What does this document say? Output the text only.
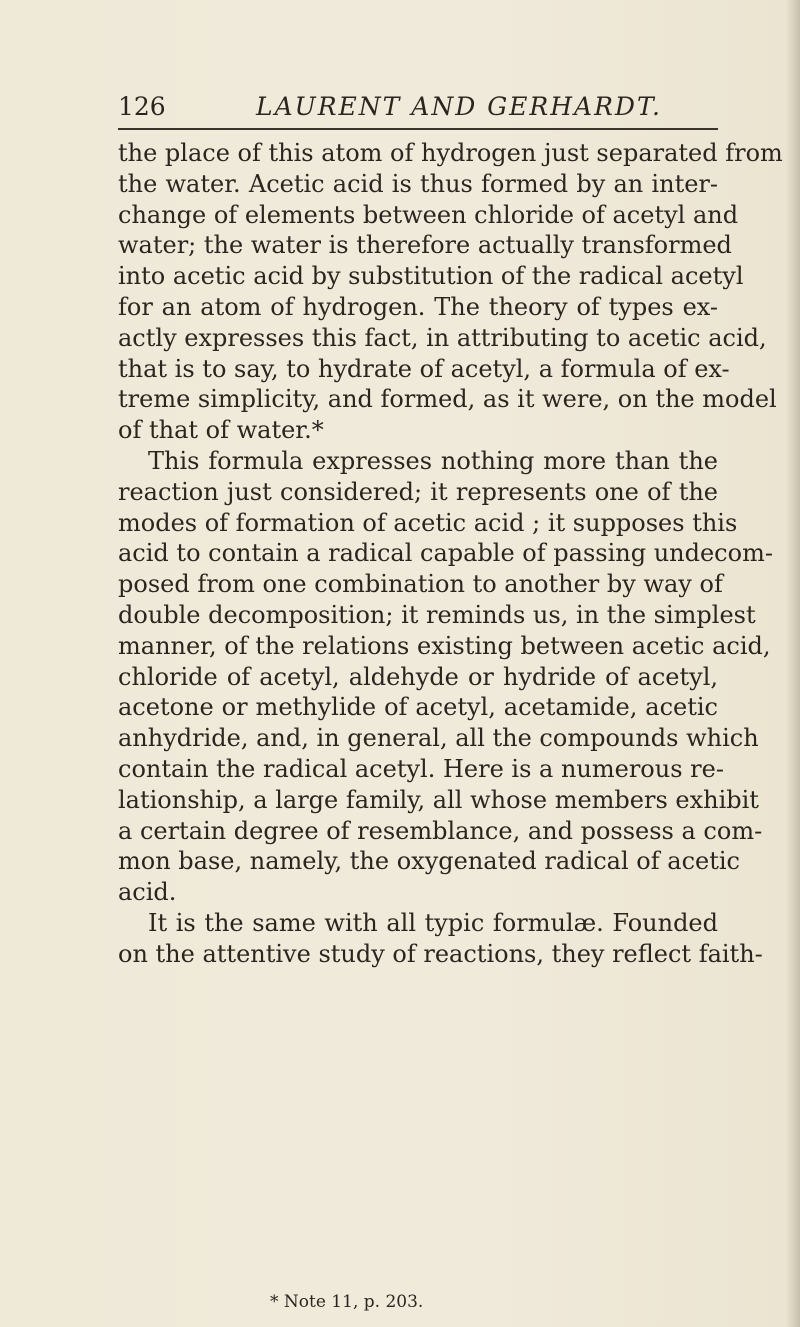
126	LAURENT AND GERHARDT.
the place of this atom of hydrogen just separated from
the water. Acetic acid is thus formed by an inter-
change of elements between chloride of acetyl and
water; the water is therefore actually transformed
into acetic acid by substitution of the radical acetyl
for an atom of hydrogen. The theory of types ex-
actly expresses this fact, in attributing to acetic acid,
that is to say, to hydrate of acetyl, a formula of ex-
treme simplicity, and formed, as it were, on the model
of that of water.*
This formula expresses nothing more than the
reaction just considered; it represents one of the
modes of formation of acetic acid ; it supposes this
acid to contain a radical capable of passing undecom-
posed from one combination to another by way of
double decomposition; it reminds us, in the simplest
manner, of the relations existing between acetic acid,
chloride of acetyl, aldehyde or hydride of acetyl,
acetone or methylide of acetyl, acetamide, acetic
anhydride, and, in general, all the compounds which
contain the radical acetyl. Here is a numerous re-
lationship, a large family, all whose members exhibit
a certain degree of resemblance, and possess a com-
mon base, namely, the oxygenated radical of acetic
acid.
It is the same with all typic formulæ. Founded
on the attentive study of reactions, they reflect faith-
* Note 11, p. 203.
